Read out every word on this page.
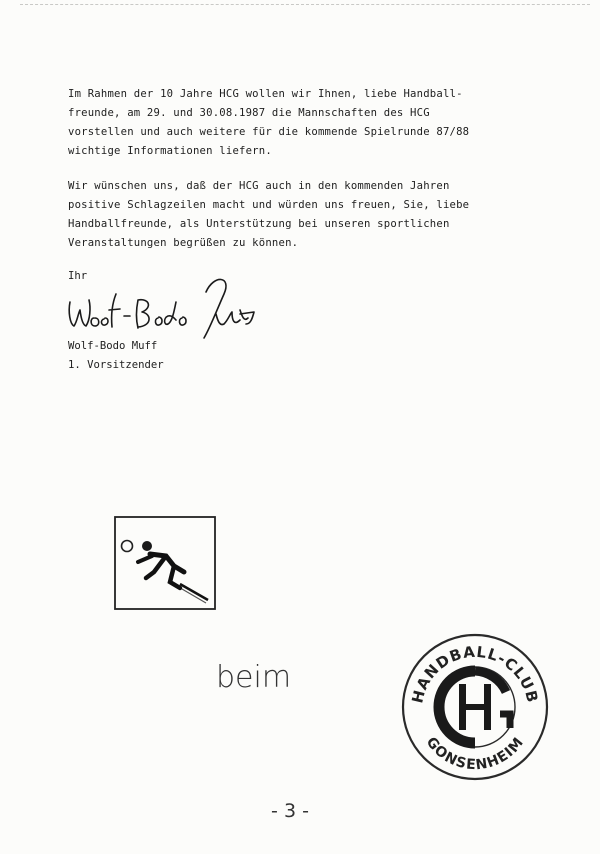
Im Rahmen der 10 Jahre HCG wollen wir Ihnen, liebe Handball-
freunde, am 29. und 30.08.1987 die Mannschaften des HCG
vorstellen und auch weitere für die kommende Spielrunde 87/88
wichtige Informationen liefern.

Wir wünschen uns, daß der HCG auch in den kommenden Jahren
positive Schlagzeilen macht und würden uns freuen, Sie, liebe
Handballfreunde, als Unterstützung bei unseren sportlichen
Veranstaltungen begrüßen zu können.

Ihr
Wolf-Bodo Muff
1. Vorsitzender
beim
HANDBALL-CLUB
GONSENHEIM
- 3 -
